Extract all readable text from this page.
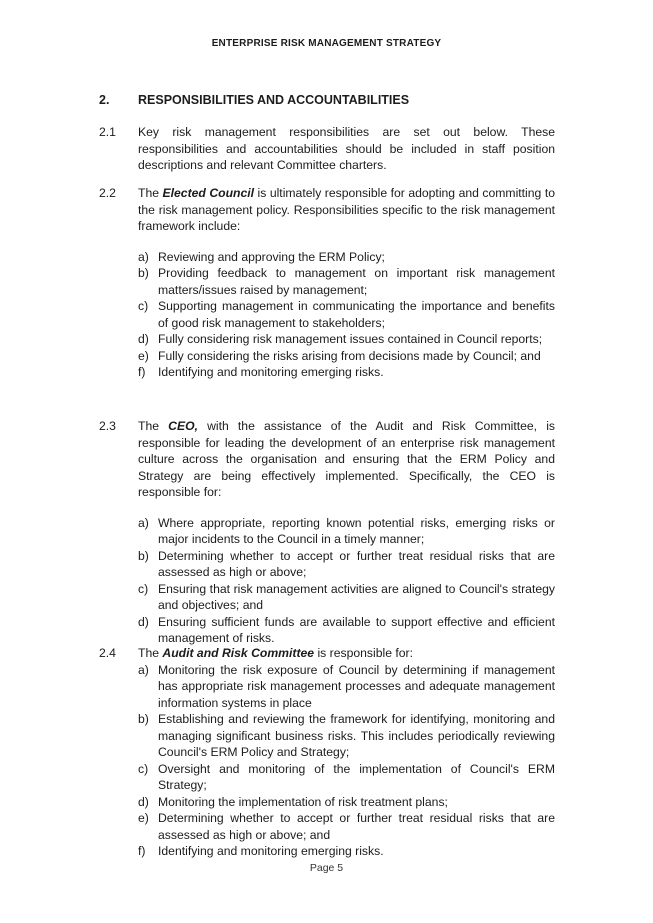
ENTERPRISE RISK MANAGEMENT STRATEGY
2. RESPONSIBILITIES AND ACCOUNTABILITIES
2.1 Key risk management responsibilities are set out below. These responsibilities and accountabilities should be included in staff position descriptions and relevant Committee charters.
2.2 The Elected Council is ultimately responsible for adopting and committing to the risk management policy. Responsibilities specific to the risk management framework include:
a) Reviewing and approving the ERM Policy;
b) Providing feedback to management on important risk management matters/issues raised by management;
c) Supporting management in communicating the importance and benefits of good risk management to stakeholders;
d) Fully considering risk management issues contained in Council reports;
e) Fully considering the risks arising from decisions made by Council; and
f) Identifying and monitoring emerging risks.
2.3 The CEO, with the assistance of the Audit and Risk Committee, is responsible for leading the development of an enterprise risk management culture across the organisation and ensuring that the ERM Policy and Strategy are being effectively implemented. Specifically, the CEO is responsible for:
a) Where appropriate, reporting known potential risks, emerging risks or major incidents to the Council in a timely manner;
b) Determining whether to accept or further treat residual risks that are assessed as high or above;
c) Ensuring that risk management activities are aligned to Council's strategy and objectives; and
d) Ensuring sufficient funds are available to support effective and efficient management of risks.
2.4 The Audit and Risk Committee is responsible for:
a) Monitoring the risk exposure of Council by determining if management has appropriate risk management processes and adequate management information systems in place
b) Establishing and reviewing the framework for identifying, monitoring and managing significant business risks. This includes periodically reviewing Council's ERM Policy and Strategy;
c) Oversight and monitoring of the implementation of Council's ERM Strategy;
d) Monitoring the implementation of risk treatment plans;
e) Determining whether to accept or further treat residual risks that are assessed as high or above; and
f) Identifying and monitoring emerging risks.
Page 5
